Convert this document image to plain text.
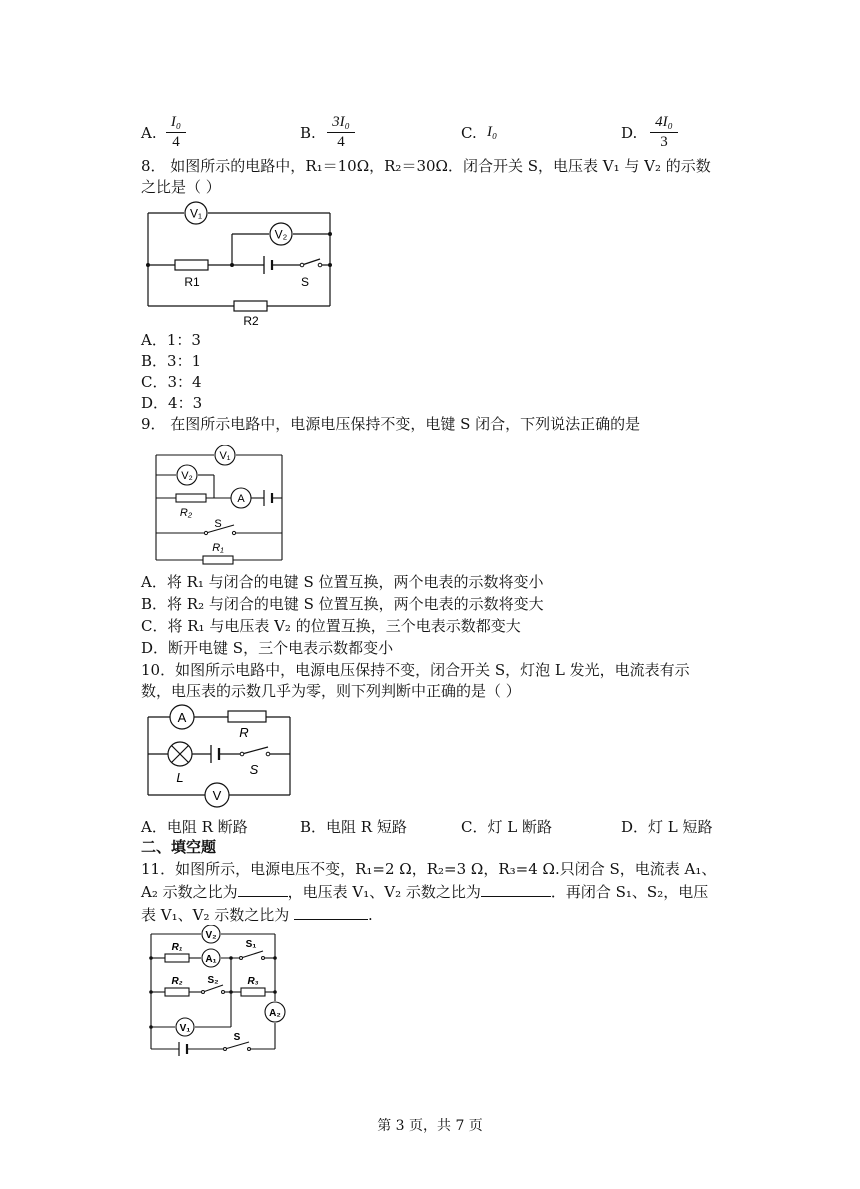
A.
I₀
4	B.
3I₀
4	C. I₀	D.
4I₀
3
8． 如图所示的电路中，R₁＝10Ω，R₂＝30Ω．闭合开关 S，电压表 V₁ 与 V₂ 的示数
之比是（ ）
V₁
V₂
R1	S
R2
A．1：3
B．3：1
C．3：4
D．4：3
9． 在图所示电路中，电源电压保持不变，电键 S 闭合，下列说法正确的是
V₁
V₂
A
R₂
S
R₁
A．将 R₁ 与闭合的电键 S 位置互换，两个电表的示数将变小
B．将 R₂ 与闭合的电键 S 位置互换，两个电表的示数将变大
C．将 R₁ 与电压表 V₂ 的位置互换，三个电表示数都变大
D．断开电键 S，三个电表示数都变小
10．如图所示电路中，电源电压保持不变，闭合开关 S，灯泡 L 发光，电流表有示
数，电压表的示数几乎为零，则下列判断中正确的是（ ）
A
V
R
L
S
A．电阻 R 断路	B．电阻 R 短路	C．灯 L 断路	D．灯 L 短路
二、填空题
11．如图所示，电源电压不变，R₁=2 Ω，R₂=3 Ω，R₃=4 Ω.只闭合 S，电流表 A₁、
A₂ 示数之比为	，电压表 V₁、V₂ 示数之比为	．再闭合 S₁、S₂，电压
表 V₁、V₂ 示数之比为	.
V₂
A₁
V₁
A₂
R₁
R₂	R₃
S₁
S₂
S
第 3 页，共 7 页
